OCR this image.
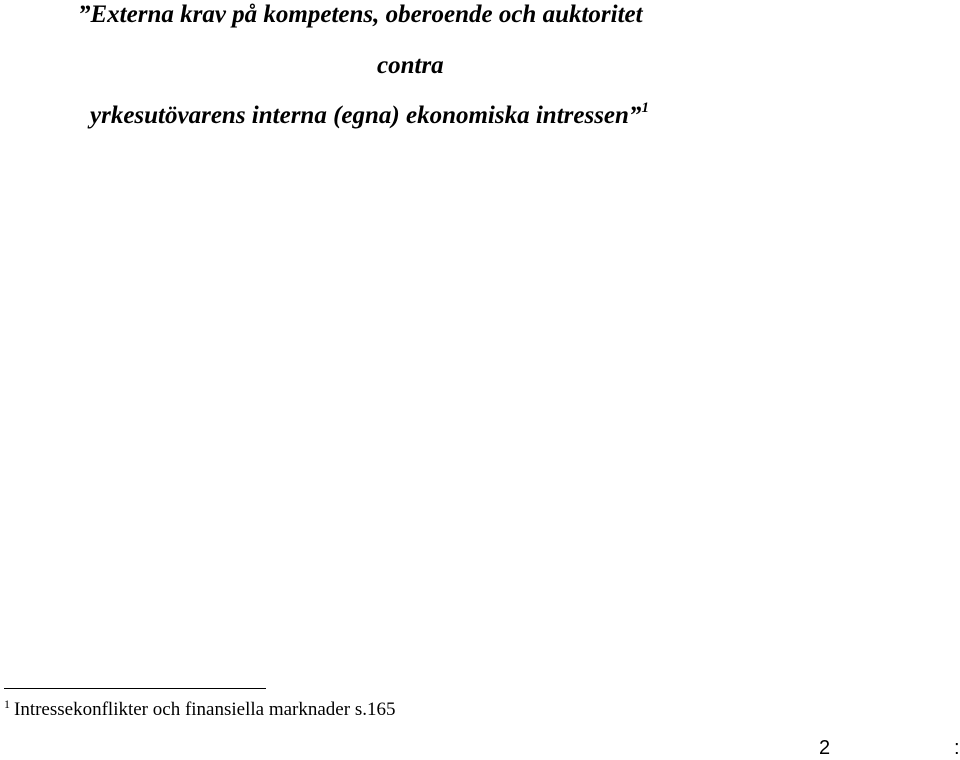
”Externa krav på kompetens, oberoende och auktoritet

contra

yrkesutövarens interna (egna) ekonomiska intressen”$^1$

$^1$ Intressekonflikter och finansiella marknader s.165
2	:
